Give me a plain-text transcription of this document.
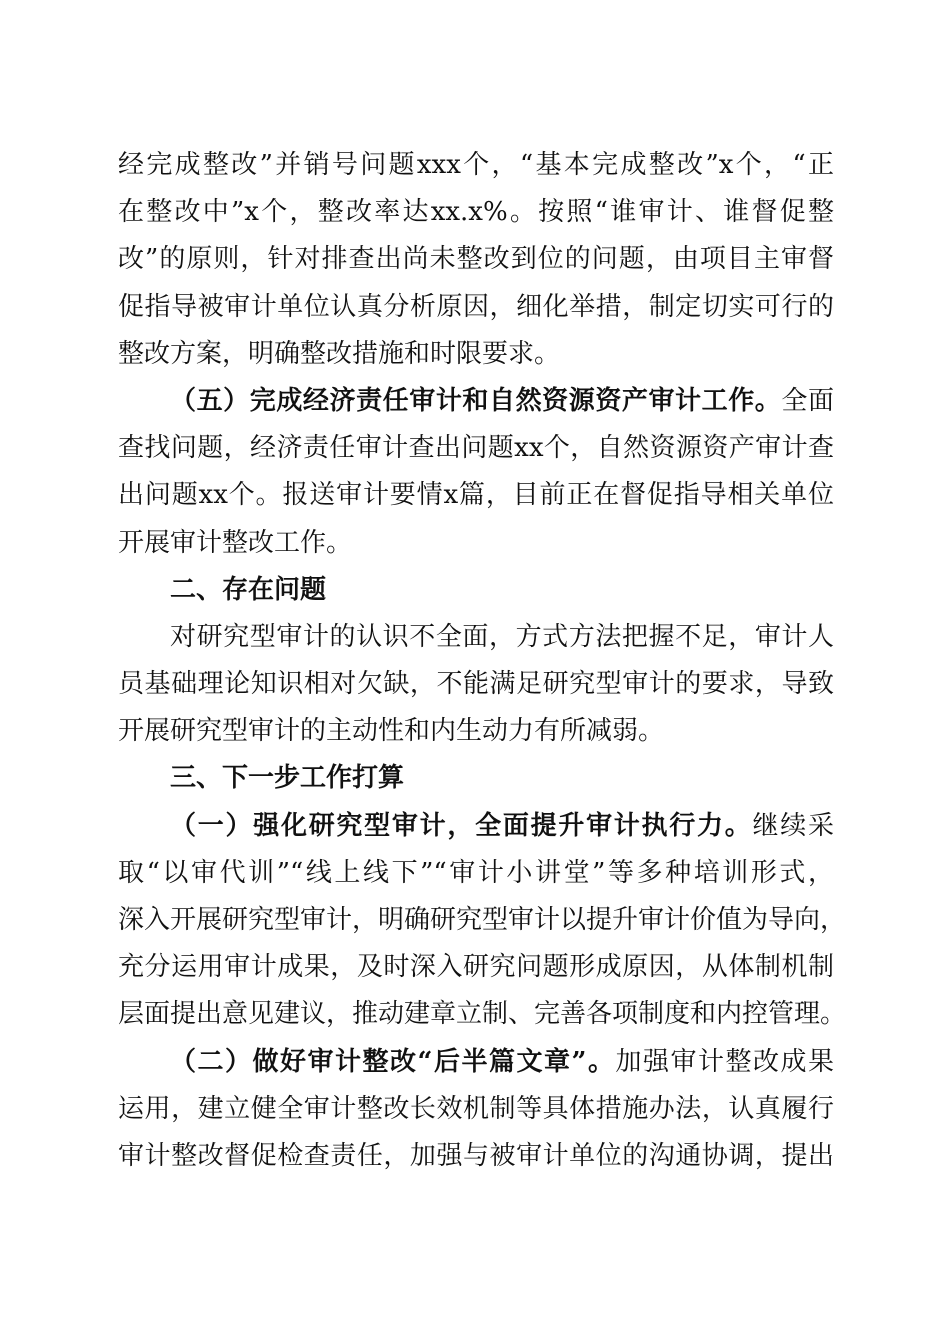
经完成整改”并销号问题xxx个，“基本完成整改”x个，“正
在整改中”x个，整改率达xx.x%。按照“谁审计、谁督促整
改”的原则，针对排查出尚未整改到位的问题，由项目主审督
促指导被审计单位认真分析原因，细化举措，制定切实可行的
整改方案，明确整改措施和时限要求。
（五）完成经济责任审计和自然资源资产审计工作。全面
查找问题，经济责任审计查出问题xx个，自然资源资产审计查
出问题xx个。报送审计要情x篇，目前正在督促指导相关单位
开展审计整改工作。
二、存在问题
对研究型审计的认识不全面，方式方法把握不足，审计人
员基础理论知识相对欠缺，不能满足研究型审计的要求，导致
开展研究型审计的主动性和内生动力有所减弱。
三、下一步工作打算
（一）强化研究型审计，全面提升审计执行力。继续采
取“以审代训”“线上线下”“审计小讲堂”等多种培训形式，
深入开展研究型审计，明确研究型审计以提升审计价值为导向，
充分运用审计成果，及时深入研究问题形成原因，从体制机制
层面提出意见建议，推动建章立制、完善各项制度和内控管理。
（二）做好审计整改“后半篇文章”。加强审计整改成果
运用，建立健全审计整改长效机制等具体措施办法，认真履行
审计整改督促检查责任，加强与被审计单位的沟通协调，提出
